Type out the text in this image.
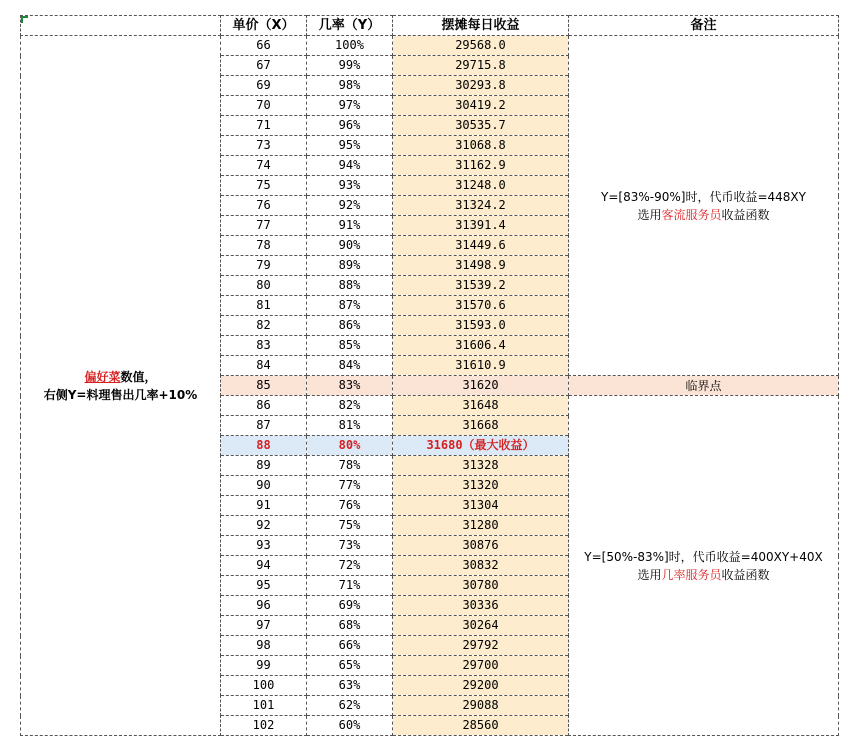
	单价（X）	几率（Y）	摆摊每日收益	备注
偏好菜数值，
右侧Y=料理售出几率+10%	66	100%	29568.0	Y=[83%-90%]时，代币收益=448XY
选用客流服务员收益函数
	67	99%	29715.8	
	69	98%	30293.8	
	70	97%	30419.2	
	71	96%	30535.7	
	73	95%	31068.8	
	74	94%	31162.9	
	75	93%	31248.0	
	76	92%	31324.2	
	77	91%	31391.4	
	78	90%	31449.6	
	79	89%	31498.9	
	80	88%	31539.2	
	81	87%	31570.6	
	82	86%	31593.0	
	83	85%	31606.4	
	84	84%	31610.9	
	85	83%	31620	临界点
	86	82%	31648	Y=[50%-83%]时，代币收益=400XY+40X
选用几率服务员收益函数
	87	81%	31668	
	88	80%	31680（最大收益）	
	89	78%	31328	
	90	77%	31320	
	91	76%	31304	
	92	75%	31280	
	93	73%	30876	
	94	72%	30832	
	95	71%	30780	
	96	69%	30336	
	97	68%	30264	
	98	66%	29792	
	99	65%	29700	
	100	63%	29200	
	101	62%	29088	
	102	60%	28560	
